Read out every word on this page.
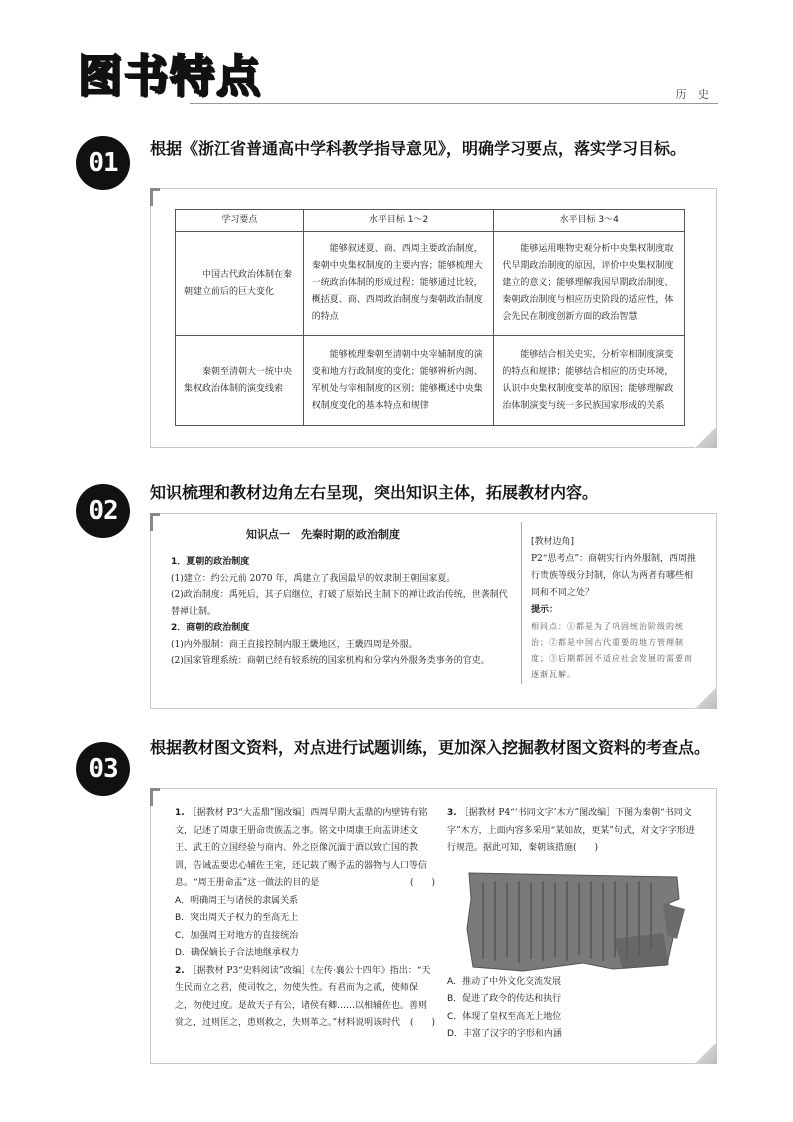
图书特点	历 史
01	根据《浙江省普通高中学科教学指导意见》，明确学习要点，落实学习目标。
学习要点	水平目标 1～2	水平目标 3～4
中国古代政治体制在秦朝建立前后的巨大变化	能够叙述夏、商、西周主要政治制度，秦朝中央集权制度的主要内容；能够梳理大一统政治体制的形成过程；能够通过比较，概括夏、商、西周政治制度与秦朝政治制度的特点	能够运用唯物史观分析中央集权制度取代早期政治制度的原因，评价中央集权制度建立的意义；能够理解我国早期政治制度、秦朝政治制度与相应历史阶段的适应性，体会先民在制度创新方面的政治智慧
秦朝至清朝大一统中央集权政治体制的演变线索	能够梳理秦朝至清朝中央宰辅制度的演变和地方行政制度的变化；能够辨析内阁、军机处与宰相制度的区别；能够概述中央集权制度变化的基本特点和规律	能够结合相关史实，分析宰相制度演变的特点和规律；能够结合相应的历史环境，认识中央集权制度变革的原因；能够理解政治体制演变与统一多民族国家形成的关系
02
知识梳理和教材边角左右呈现，突出知识主体，拓展教材内容。
知识点一　先秦时期的政治制度
1．夏朝的政治制度
(1)建立：约公元前 2070 年，禹建立了我国最早的奴隶制王朝国家夏。
(2)政治制度：禹死后，其子启继位，打破了原始民主制下的禅让政治传统，世袭制代替禅让制。
2．商朝的政治制度
(1)内外服制：商王直接控制内服王畿地区，王畿四周是外服。
(2)国家管理系统：商朝已经有较系统的国家机构和分掌内外服务类事务的官吏。
[教材边角]
P2“思考点”：商朝实行内外服制，西周推行贵族等级分封制，你认为两者有哪些相同和不同之处？
提示：
相同点：①都是为了巩固统治阶级的统治；②都是中国古代重要的地方管理制度；③后期都因不适应社会发展的需要而逐渐瓦解。
03
根据教材图文资料，对点进行试题训练，更加深入挖掘教材图文资料的考查点。
1. ［据教材 P3“大盂鼎”图改编］西周早期大盂鼎的内壁铸有铭文，记述了周康王册命贵族盂之事。铭文中周康王向盂讲述文王、武王的立国经验与商内、外之臣像沉湎于酒以致亡国的教训，告诫盂要忠心辅佐王室，还记载了赐予盂的器物与人口等信息。“周王册命盂”这一做法的目的是	(　　)
A．明确周王与诸侯的隶属关系
B．突出周天子权力的至高无上
C．加强周王对地方的直接统治
D．确保嫡长子合法地继承权力
2. ［据教材 P3“史料阅读”改编］《左传·襄公十四年》指出：“天生民而立之君，使司牧之，勿使失性。有君而为之贰，使师保之，勿使过度。是故天子有公，诸侯有卿……以相辅佐也。善则赏之，过则匡之，患则救之，失则革之。”材料说明该时代 (　　)
3. ［据教材 P4“‘书同文字’木方”图改编］下图为秦朝“书同文字”木方，上面内容多采用“某如故，更某”句式，对文字字形进行规范。据此可知，秦朝该措施(　　)
A．推动了中外文化交流发展
B．促进了政令的传达和执行
C．体现了皇权至高无上地位
D．丰富了汉字的字形和内涵
